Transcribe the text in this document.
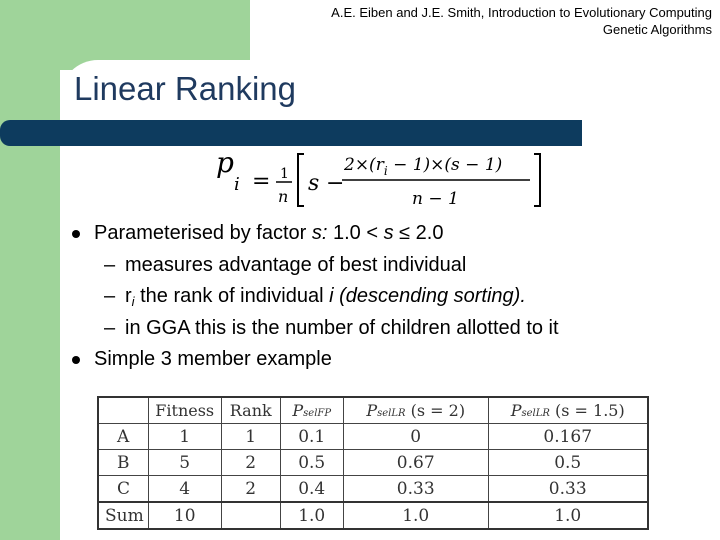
A.E. Eiben and J.E. Smith, Introduction to Evolutionary Computing
Genetic Algorithms
Linear Ranking
p
i = 1
n
s −
$2\times(r_i - 1)\times(s - 1)$
n − 1
Parameterised by factor s: 1.0 < s ≤ 2.0
– measures advantage of best individual
– $r_i$ the rank of individual i (descending sorting).
– in GGA this is the number of children allotted to it
Simple 3 member example
	Fitness	Rank	PselFP	PselLR (s = 2)	PselLR (s = 1.5)
A	1	1	0.1	0	0.167
B	5	2	0.5	0.67	0.5
C	4	2	0.4	0.33	0.33
Sum	10		1.0	1.0	1.0
